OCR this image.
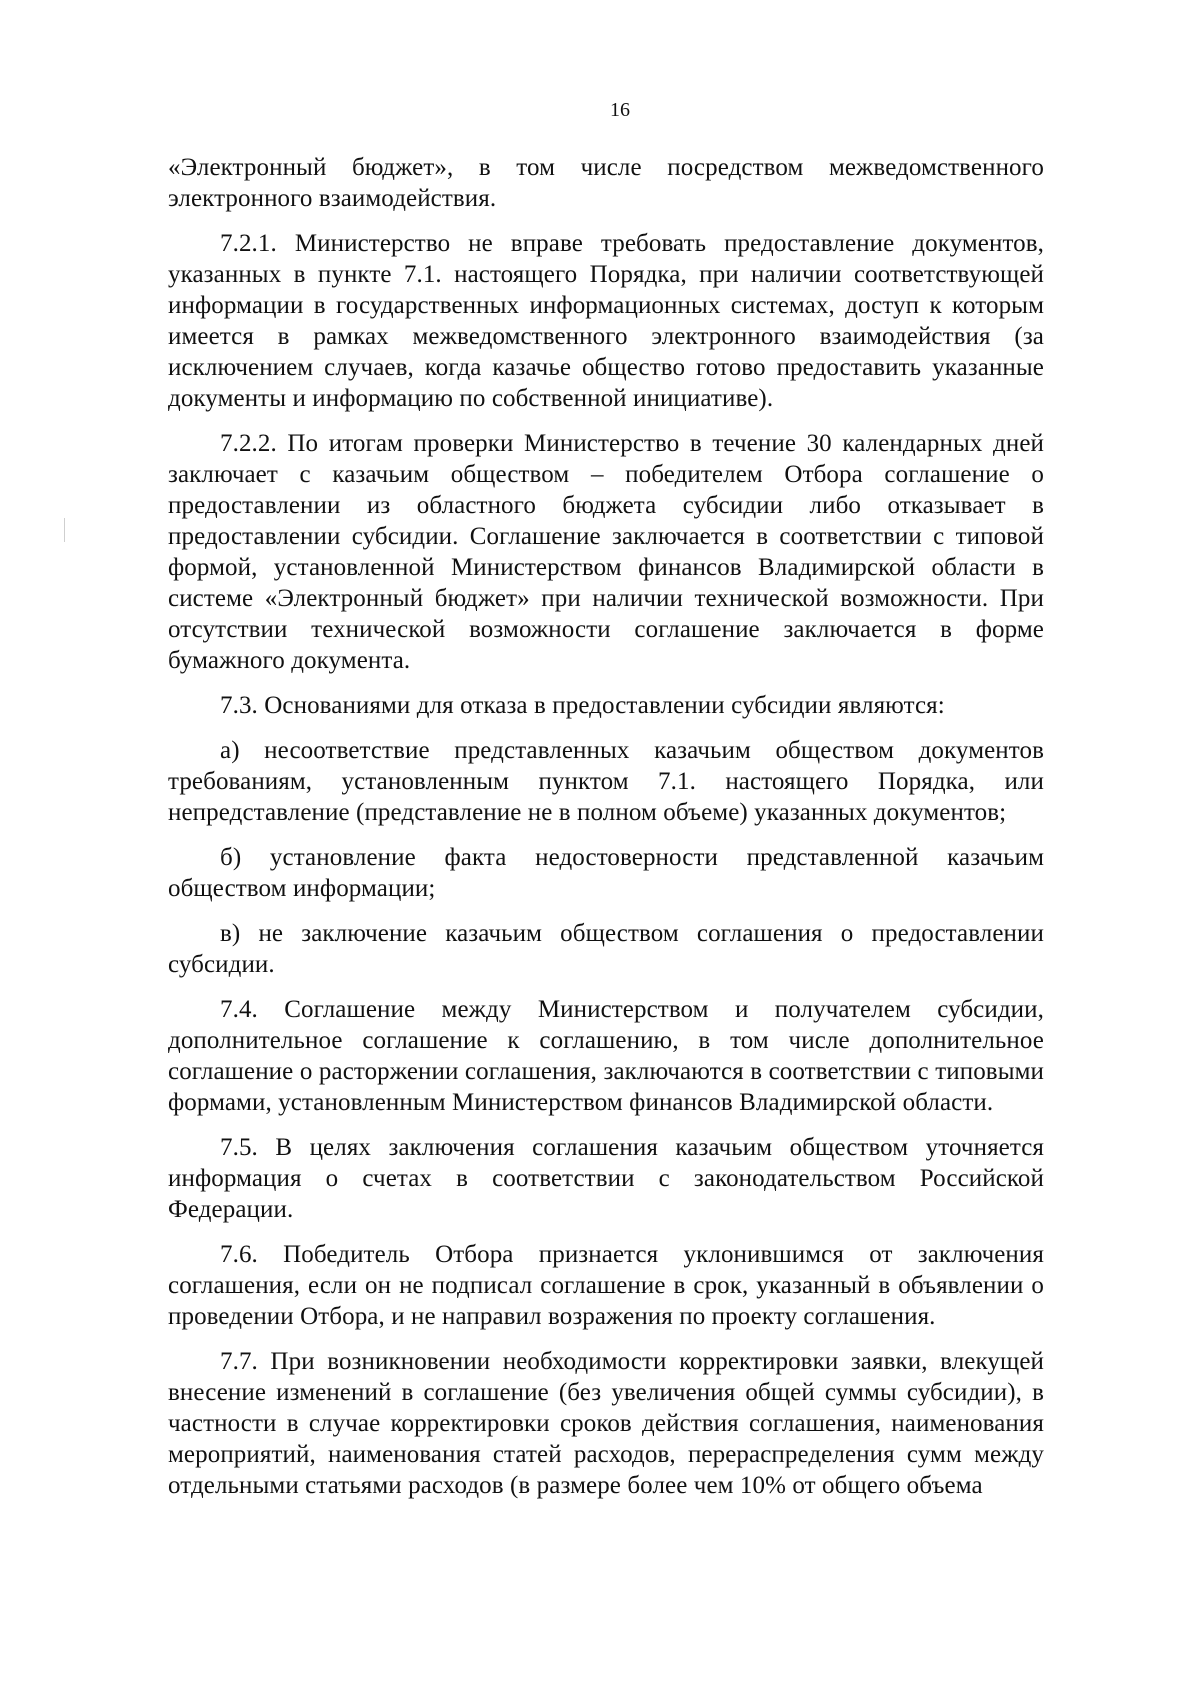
16

«Электронный бюджет», в том числе посредством межведомственного электронного взаимодействия.

7.2.1. Министерство не вправе требовать предоставление документов, указанных в пункте 7.1. настоящего Порядка, при наличии соответствующей информации в государственных информационных системах, доступ к которым имеется в рамках межведомственного электронного взаимодействия (за исключением случаев, когда казачье общество готово предоставить указанные документы и информацию по собственной инициативе).

7.2.2. По итогам проверки Министерство в течение 30 календарных дней заключает с казачьим обществом – победителем Отбора соглашение о предоставлении из областного бюджета субсидии либо отказывает в предоставлении субсидии. Соглашение заключается в соответствии с типовой формой, установленной Министерством финансов Владимирской области в системе «Электронный бюджет» при наличии технической возможности. При отсутствии технической возможности соглашение заключается в форме бумажного документа.

7.3. Основаниями для отказа в предоставлении субсидии являются:

а) несоответствие представленных казачьим обществом документов требованиям, установленным пунктом 7.1. настоящего Порядка, или непредставление (представление не в полном объеме) указанных документов;

б) установление факта недостоверности представленной казачьим обществом информации;

в) не заключение казачьим обществом соглашения о предоставлении субсидии.

7.4. Соглашение между Министерством и получателем субсидии, дополнительное соглашение к соглашению, в том числе дополнительное соглашение о расторжении соглашения, заключаются в соответствии с типовыми формами, установленным Министерством финансов Владимирской области.

7.5. В целях заключения соглашения казачьим обществом уточняется информация о счетах в соответствии с законодательством Российской Федерации.

7.6. Победитель Отбора признается уклонившимся от заключения соглашения, если он не подписал соглашение в срок, указанный в объявлении о проведении Отбора, и не направил возражения по проекту соглашения.

7.7. При возникновении необходимости корректировки заявки, влекущей внесение изменений в соглашение (без увеличения общей суммы субсидии), в частности в случае корректировки сроков действия соглашения, наименования мероприятий, наименования статей расходов, перераспределения сумм между отдельными статьями расходов (в размере более чем 10% от общего объема
